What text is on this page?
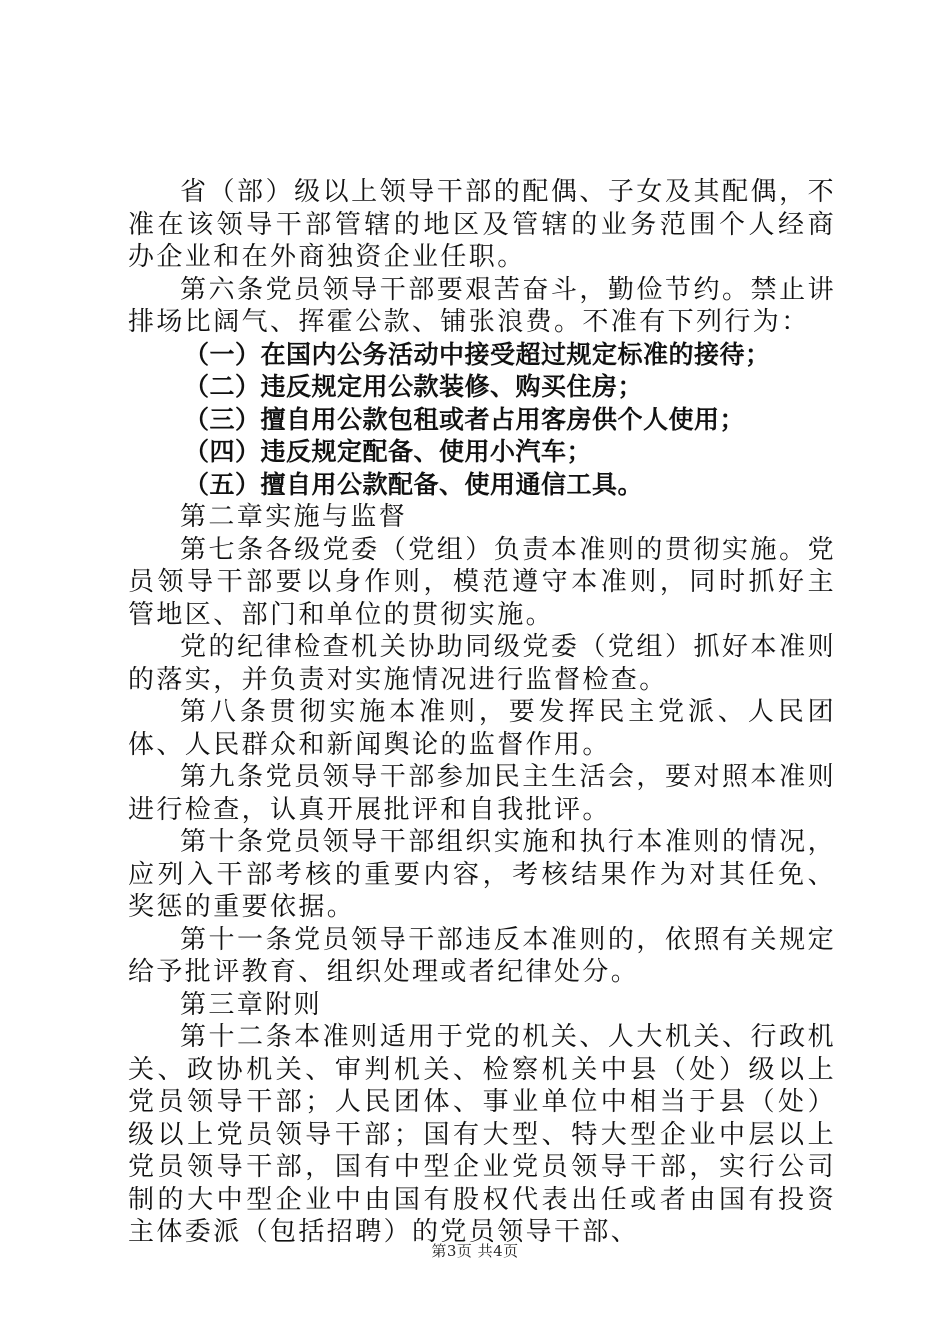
省（部）级以上领导干部的配偶、子女及其配偶，不准在该领导干部管辖的地区及管辖的业务范围个人经商办企业和在外商独资企业任职。

第六条党员领导干部要艰苦奋斗，勤俭节约。禁止讲排场比阔气、挥霍公款、铺张浪费。不准有下列行为：

（一）在国内公务活动中接受超过规定标准的接待；

（二）违反规定用公款装修、购买住房；

（三）擅自用公款包租或者占用客房供个人使用；

（四）违反规定配备、使用小汽车；

（五）擅自用公款配备、使用通信工具。

第二章实施与监督

第七条各级党委（党组）负责本准则的贯彻实施。党员领导干部要以身作则，模范遵守本准则，同时抓好主管地区、部门和单位的贯彻实施。

党的纪律检查机关协助同级党委（党组）抓好本准则的落实，并负责对实施情况进行监督检查。

第八条贯彻实施本准则，要发挥民主党派、人民团体、人民群众和新闻舆论的监督作用。

第九条党员领导干部参加民主生活会，要对照本准则进行检查，认真开展批评和自我批评。

第十条党员领导干部组织实施和执行本准则的情况，应列入干部考核的重要内容，考核结果作为对其任免、奖惩的重要依据。

第十一条党员领导干部违反本准则的，依照有关规定给予批评教育、组织处理或者纪律处分。

第三章附则

第十二条本准则适用于党的机关、人大机关、行政机关、政协机关、审判机关、检察机关中县（处）级以上党员领导干部；人民团体、事业单位中相当于县（处）级以上党员领导干部；国有大型、特大型企业中层以上党员领导干部，国有中型企业党员领导干部，实行公司制的大中型企业中由国有股权代表出任或者由国有投资主体委派（包括招聘）的党员领导干部、

第3页 共4页
